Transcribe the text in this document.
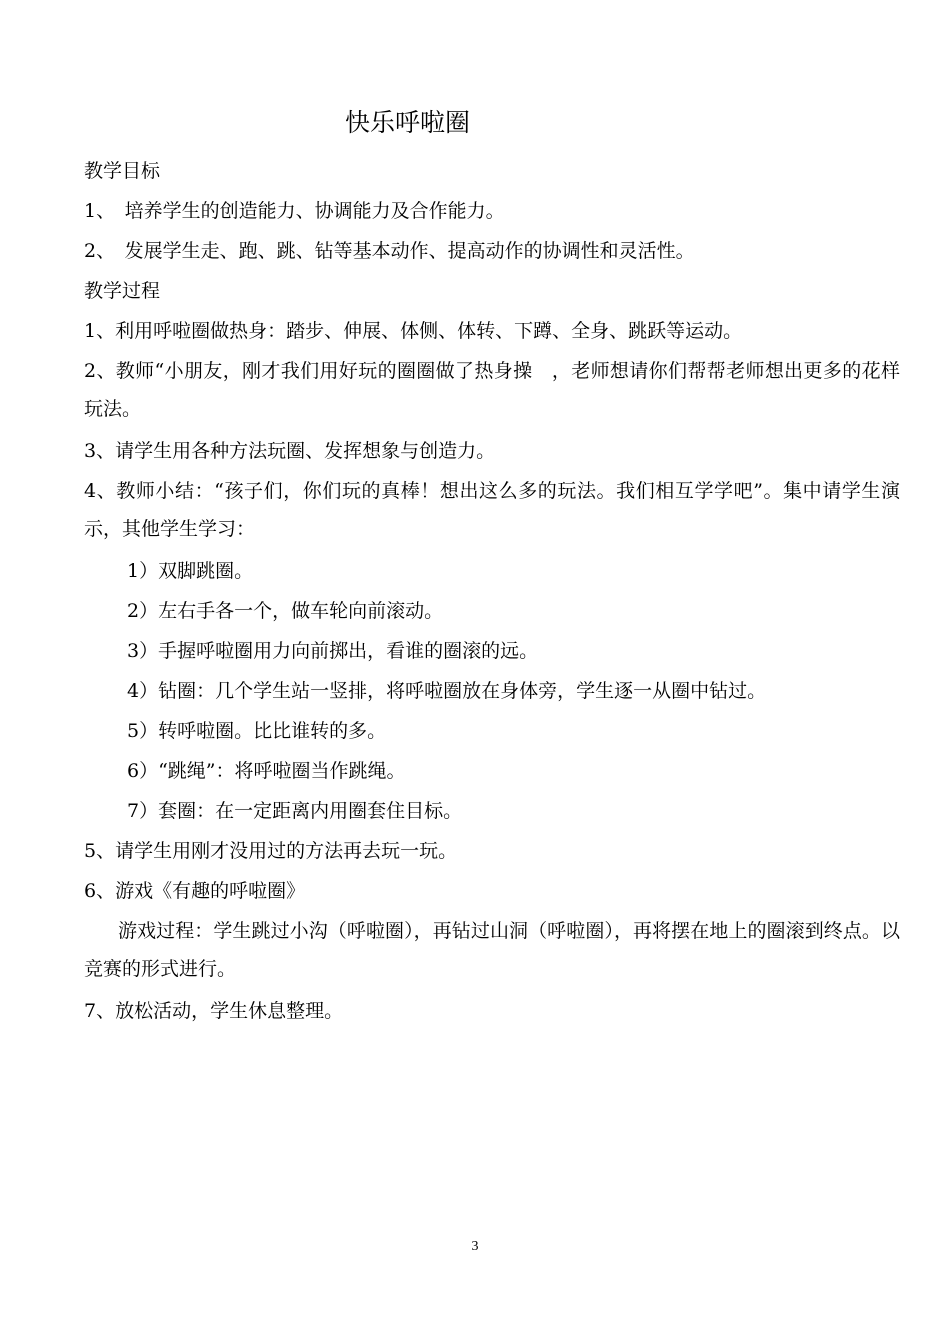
快乐呼啦圈
教学目标
1、　培养学生的创造能力、协调能力及合作能力。
2、　发展学生走、跑、跳、钻等基本动作、提高动作的协调性和灵活性。
教学过程
1、利用呼啦圈做热身：踏步、伸展、体侧、体转、下蹲、全身、跳跃等运动。
2、教师“小朋友，刚才我们用好玩的圈圈做了热身操　，老师想请你们帮帮老师想出更多的花样玩法。
3、请学生用各种方法玩圈、发挥想象与创造力。
4、教师小结：“孩子们，你们玩的真棒！想出这么多的玩法。我们相互学学吧”。集中请学生演示，其他学生学习：
1）双脚跳圈。
2）左右手各一个，做车轮向前滚动。
3）手握呼啦圈用力向前掷出，看谁的圈滚的远。
4）钻圈：几个学生站一竖排，将呼啦圈放在身体旁，学生逐一从圈中钻过。
5）转呼啦圈。比比谁转的多。
6）“跳绳”：将呼啦圈当作跳绳。
7）套圈：在一定距离内用圈套住目标。
5、请学生用刚才没用过的方法再去玩一玩。
6、游戏《有趣的呼啦圈》
游戏过程：学生跳过小沟（呼啦圈），再钻过山洞（呼啦圈），再将摆在地上的圈滚到终点。以竞赛的形式进行。
7、放松活动，学生休息整理。
3
